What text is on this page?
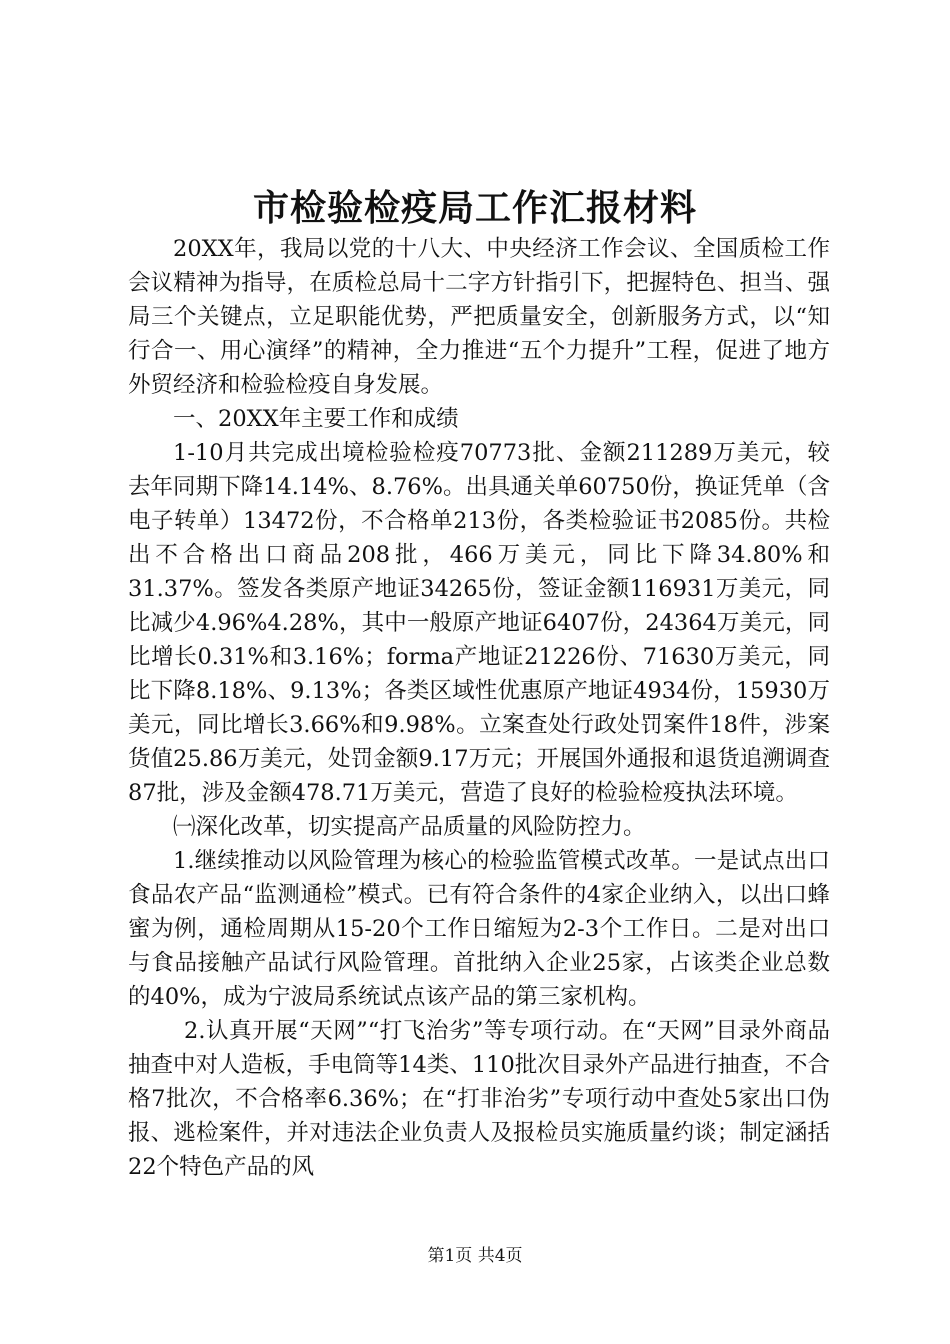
市检验检疫局工作汇报材料

20XX年，我局以党的十八大、中央经济工作会议、全国质检工作会议精神为指导，在质检总局十二字方针指引下，把握特色、担当、强局三个关键点，立足职能优势，严把质量安全，创新服务方式，以“知行合一、用心演绎”的精神，全力推进“五个力提升”工程，促进了地方外贸经济和检验检疫自身发展。

一、20XX年主要工作和成绩

1-10月共完成出境检验检疫70773批、金额211289万美元，较去年同期下降14.14%、8.76%。出具通关单60750份，换证凭单（含电子转单）13472份，不合格单213份，各类检验证书2085份。共检出不合格出口商品208批，466万美元，同比下降34.80%和31.37%。签发各类原产地证34265份，签证金额116931万美元，同比减少4.96%4.28%，其中一般原产地证6407份，24364万美元，同比增长0.31%和3.16%；forma产地证21226份、71630万美元，同比下降8.18%、9.13%；各类区域性优惠原产地证4934份，15930万美元，同比增长3.66%和9.98%。立案查处行政处罚案件18件，涉案货值25.86万美元，处罚金额9.17万元；开展国外通报和退货追溯调查87批，涉及金额478.71万美元，营造了良好的检验检疫执法环境。

㈠深化改革，切实提高产品质量的风险防控力。

1.继续推动以风险管理为核心的检验监管模式改革。一是试点出口食品农产品“监测通检”模式。已有符合条件的4家企业纳入，以出口蜂蜜为例，通检周期从15-20个工作日缩短为2-3个工作日。二是对出口与食品接触产品试行风险管理。首批纳入企业25家，占该类企业总数的40%，成为宁波局系统试点该产品的第三家机构。

2.认真开展“天网”“打飞治劣”等专项行动。在“天网”目录外商品抽查中对人造板，手电筒等14类、110批次目录外产品进行抽查，不合格7批次，不合格率6.36%；在“打非治劣”专项行动中查处5家出口伪报、逃检案件，并对违法企业负责人及报检员实施质量约谈；制定涵括22个特色产品的风

第1页 共4页
